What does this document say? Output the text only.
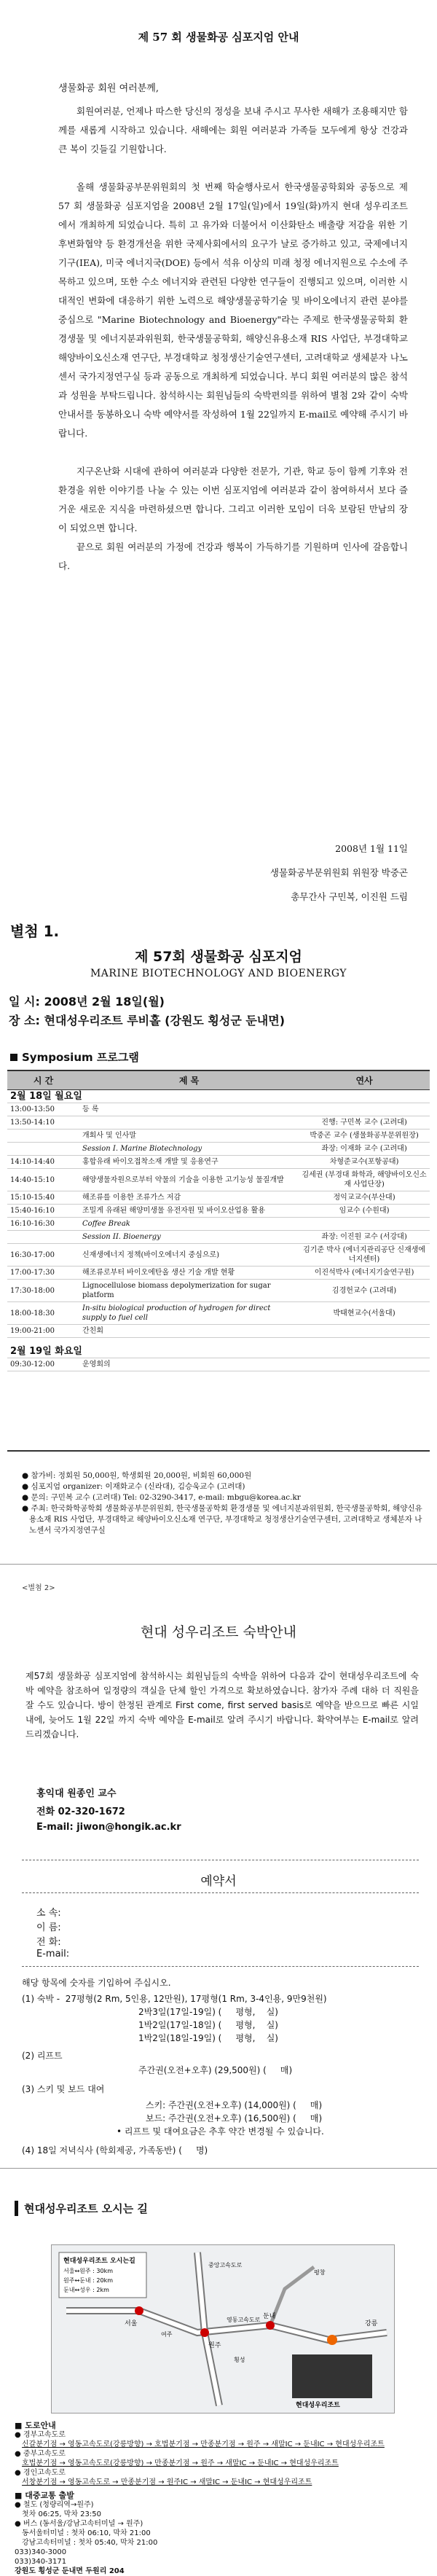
제 57 회 생물화공 심포지엄 안내
생물화공 회원 여러분께,

회원여러분, 언제나 따스한 당신의 정성을 보내 주시고 무사한 새해가 조용해지만 함께를 새롭게 시작하고 있습니다. 새해에는 회원 여러분과 가족들 모두에게 항상 건강과 큰 복이 깃들길 기원합니다.

올해 생물화공부문위원회의 첫 번째 학술행사로서 한국생물공학회와 공동으로 제 57 회 생물화공 심포지엄을 2008년 2월 17일(일)에서 19일(화)까지 현대 성우리조트에서 개최하게 되었습니다. 특히 고 유가와 더불어서 이산화탄소 배출량 저감을 위한 기후변화협약 등 환경개선을 위한 국제사회에서의 요구가 날로 증가하고 있고, 국제에너지기구(IEA), 미국 에너지국(DOE) 등에서 석유 이상의 미래 청정 에너지원으로 수소에 주목하고 있으며, 또한 수소 에너지와 관련된 다양한 연구들이 진행되고 있으며, 이러한 시대적인 변화에 대응하기 위한 노력으로 해양생물공학기술 및 바이오에너지 관련 분야를 중심으로 "Marine Biotechnology and Bioenergy"라는 주제로 한국생물공학회 환경생물 및 에너지분과위원회, 한국생물공학회, 해양신유용소재 RIS 사업단, 부경대학교 해양바이오신소재 연구단, 부경대학교 청정생산기술연구센터, 고려대학교 생체분자 나노센서 국가지정연구실 등과 공동으로 개최하게 되었습니다. 부디 회원 여러분의 많은 참석과 성원을 부탁드립니다. 참석하시는 회원님들의 숙박편의를 위하여 별첨 2와 같이 숙박 안내서를 동봉하오니 숙박 예약서를 작성하여 1월 22일까지 E-mail로 예약해 주시기 바랍니다.

지구온난화 시대에 관하여 여러분과 다양한 전문가, 기관, 학교 등이 함께 기후와 전 환경을 위한 이야기를 나눌 수 있는 이번 심포지엄에 여러분과 같이 참여하셔서 보다 즐거운 새로운 지식을 마련하셨으면 합니다. 그리고 이러한 모임이 더욱 보람된 만남의 장이 되었으면 합니다.

끝으로 회원 여러분의 가정에 건강과 행복이 가득하기를 기원하며 인사에 갈음합니다.

2008년 1월 11일
생물화공부문위원회 위원장 박중곤
총무간사 구민복, 이진원 드림
별첨 1.
제 57회 생물화공 심포지엄
MARINE BIOTECHNOLOGY AND BIOENERGY
일 시: 2008년 2월 18일(월)
장 소: 현대성우리조트 루비홀 (강원도 횡성군 둔내면)
Symposium 프로그램
시 간	제 목	연사
2월 18일 월요일		
13:00-13:50	등 록	
13:50-14:10		진행: 구민복 교수 (고려대)
	개회사 및 인사말	박중곤 교수 (생물화공부문위원장)
	Session I. Marine Biotechnology	좌장: 이재화 교수 (고려대)
14:10-14:40	홍합유래 바이오접착소재 개발 및 응용연구	차형준교수(포항공대)
14:40-15:10	해양생물자원으로부터 약물의 기술을 이용한 고기능성 물질개발	김세권 (부경대 화학과, 해양바이오신소재 사업단장)
15:10-15:40	해조류를 이용한 조류가스 저감	정익교교수(부산대)
15:40-16:10	조밀게 유래된 해양미생물 유전자원 및 바이오산업용 활용	임교수 (수원대)
16:10-16:30	Coffee Break	
	Session II. Bioenergy	좌장: 이진원 교수 (서강대)
16:30-17:00	신재생에너지 정책(바이오에너지 중심으로)	김기준 박사 (에너지관리공단 신재생에너지센터)
17:00-17:30	해조류로부터 바이오에탄올 생산 기술 개발 현황	이진석박사 (에너지기술연구원)
17:30-18:00	Lignocellulose biomass depolymerization for sugar platform	김경헌교수 (고려대)
18:00-18:30	In-situ biological production of hydrogen for direct supply to fuel cell	박태현교수(서울대)
19:00-21:00	간친회	
2월 19일 화요일		
09:30-12:00	운영회의	
● 참가비: 정회원 50,000원, 학생회원 20,000원, 비회원 60,000원
● 심포지엄 organizer: 이재화교수 (신라대), 김승욱교수 (고려대)
● 문의: 구민복 교수 (고려대) Tel: 02-3290-3417, e-mail: mbgu@korea.ac.kr
● 주최: 한국화학공학회 생물화공부문위원회, 한국생물공학회 환경생물 및 에너지분과위원회, 한국생물공학회, 해양신유용소재 RIS 사업단, 부경대학교 해양바이오신소재 연구단, 부경대학교 청정생산기술연구센터, 고려대학교 생체분자 나노센서 국가지정연구실
<별첨 2>
현대 성우리조트 숙박안내
제57회 생물화공 심포지엄에 참석하시는 회원님들의 숙박을 위하여 다음과 같이 현대성우리조트에 숙박 예약을 참조하여 일정량의 객실을 단체 할인 가격으로 확보하였습니다. 참가자 주례 대하 더 직원을 잘 수도 있습니다. 방이 한정된 관계로 First come, first served basis로 예약을 받으므로 빠른 시일 내에, 늦어도 1월 22일 까지 숙박 예약을 E-mail로 알려 주시기 바랍니다. 확약여부는 E-mail로 알려 드리겠습니다.
홍익대 원종인 교수
전화 02-320-1672
E-mail: jiwon@hongik.ac.kr
예약서
소 속:
이 름:
전 화:
E-mail:
해당 항목에 숫자를 기입하여 주십시오.
(1) 숙박 -  27평형(2 Rm, 5인용, 12만원), 17평형(1 Rm, 3-4인용, 9만9천원)
2박3일(17일-19일) (     평형,    실)
1박2일(17일-18일) (     평형,    실)
1박2일(18일-19일) (     평형,    실)
(2) 리프트
주간권(오전+오후) (29,500원) (     매)
(3) 스키 및 보드 대여
스키: 주간권(오전+오후) (14,000원) (     매)
보드: 주간권(오전+오후) (16,500원) (     매)
• 리프트 및 대여요금은 추후 약간 변경될 수 있습니다.
(4) 18일 저녁식사 (학회제공, 가족동반) (     명)
현대성우리조트 오시는 길
현대성우리조트 오시는길
서울↔원주 : 30km
원주↔둔내 : 20km
둔내↔성우 : 2km
서울
원주
강릉
둔내
현대성우리조트
영동고속도로
중앙고속도로
여주
횡성
평창
■ 도로안내
● 경부고속도로
신갈분기점 → 영동고속도로(강릉방향) → 호법분기점 → 만종분기점 → 원주 → 새말IC → 둔내IC → 현대성우리조트
● 중부고속도로
호법분기점 → 영동고속도로(강릉방향) → 만종분기점 → 원주 → 새말IC → 둔내IC → 현대성우리조트
● 경인고속도로
서창분기점 → 영동고속도로 → 만종분기점 → 원주IC → 새말IC → 둔내IC → 현대성우리조트
■ 대중교통 출발
● 철도 (청량리역→원주)
첫차 06:25, 막차 23:50
● 버스 (동서울/강남고속터미널 → 원주)
동서울터미널 : 첫차 06:10, 막차 21:00
강남고속터미널 : 첫차 05:40, 막차 21:00
033)340-3000
033)340-3171
강원도 횡성군 둔내면 두원리 204
